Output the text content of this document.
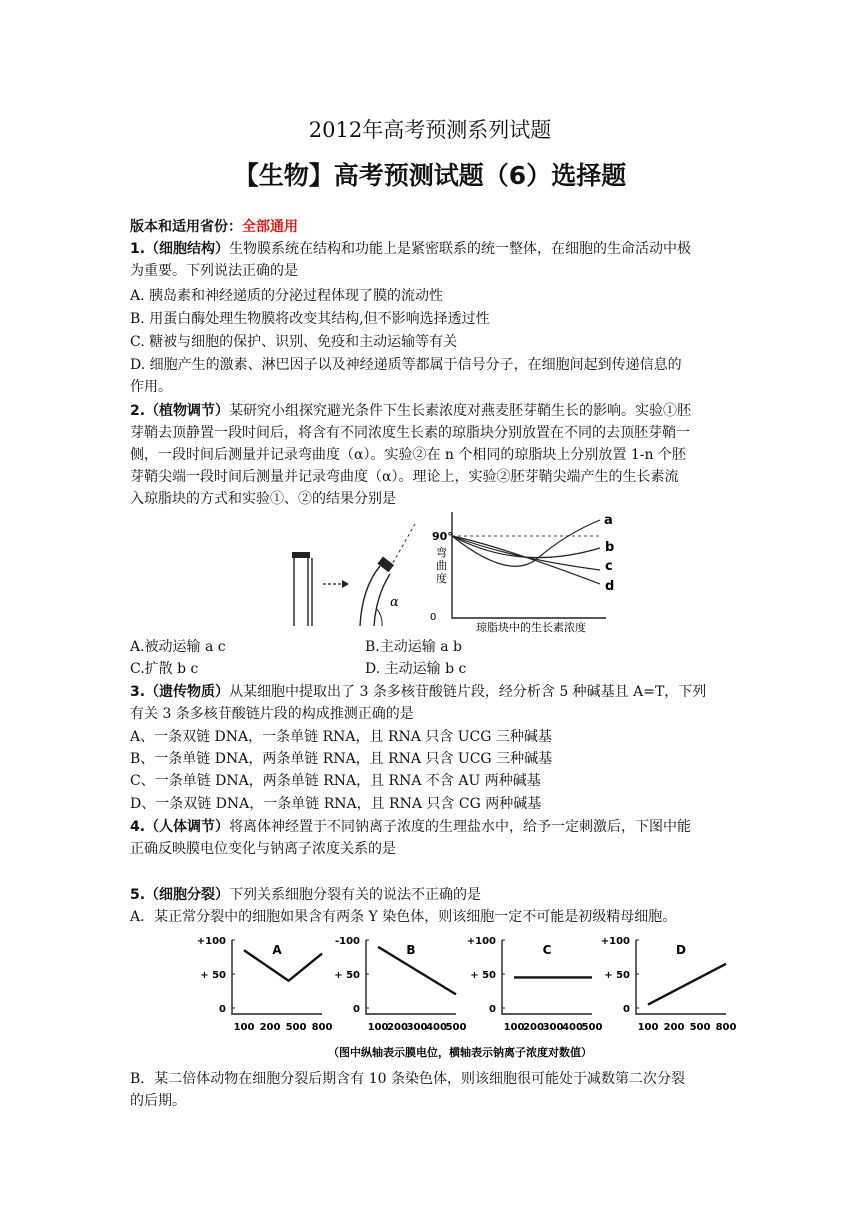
2012年高考预测系列试题
【生物】高考预测试题（6）选择题
版本和适用省份：全部通用
1.（细胞结构）生物膜系统在结构和功能上是紧密联系的统一整体，在细胞的生命活动中极
为重要。下列说法正确的是
A. 胰岛素和神经递质的分泌过程体现了膜的流动性
B. 用蛋白酶处理生物膜将改变其结构,但不影响选择透过性
C. 糖被与细胞的保护、识别、免疫和主动运输等有关
D. 细胞产生的激素、淋巴因子以及神经递质等都属于信号分子，在细胞间起到传递信息的
作用。
2.（植物调节）某研究小组探究避光条件下生长素浓度对燕麦胚芽鞘生长的影响。实验①胚
芽鞘去顶静置一段时间后，将含有不同浓度生长素的琼脂块分别放置在不同的去顶胚芽鞘一
侧，一段时间后测量并记录弯曲度（α）。实验②在 n 个相同的琼脂块上分别放置 1-n 个胚
芽鞘尖端一段时间后测量并记录弯曲度（α）。理论上，实验②胚芽鞘尖端产生的生长素流
入琼脂块的方式和实验①、②的结果分别是
α
90°
弯
曲
度
0
a
b
c
d
琼脂块中的生长素浓度
A.被动运输 a c	B.主动运输 a b
C.扩散 b c	D. 主动运输 b c
3.（遗传物质）从某细胞中提取出了 3 条多核苷酸链片段，经分析含 5 种碱基且 A=T，下列
有关 3 条多核苷酸链片段的构成推测正确的是
A、一条双链 DNA，一条单链 RNA，且 RNA 只含 UCG 三种碱基
B、一条单链 DNA，两条单链 RNA，且 RNA 只含 UCG 三种碱基
C、一条单链 DNA，两条单链 RNA，且 RNA 不含 AU 两种碱基
D、一条双链 DNA，一条单链 RNA，且 RNA 只含 CG 两种碱基
4.（人体调节）将离体神经置于不同钠离子浓度的生理盐水中，给予一定刺激后，下图中能
正确反映膜电位变化与钠离子浓度关系的是
5.（细胞分裂）下列关系细胞分裂有关的说法不正确的是
A．某正常分裂中的细胞如果含有两条 Y 染色体，则该细胞一定不可能是初级精母细胞。
（图中纵轴表示膜电位，横轴表示钠离子浓度对数值）
+100
+ 50
0
100 200 500 800
A
-100
+ 50
0
100
200
300
400
500
B
+100
+ 50
0
100
200
300
400
500
C
+100
+ 50
0
100 200 500 800
D
B．某二倍体动物在细胞分裂后期含有 10 条染色体，则该细胞很可能处于减数第二次分裂
的后期。
